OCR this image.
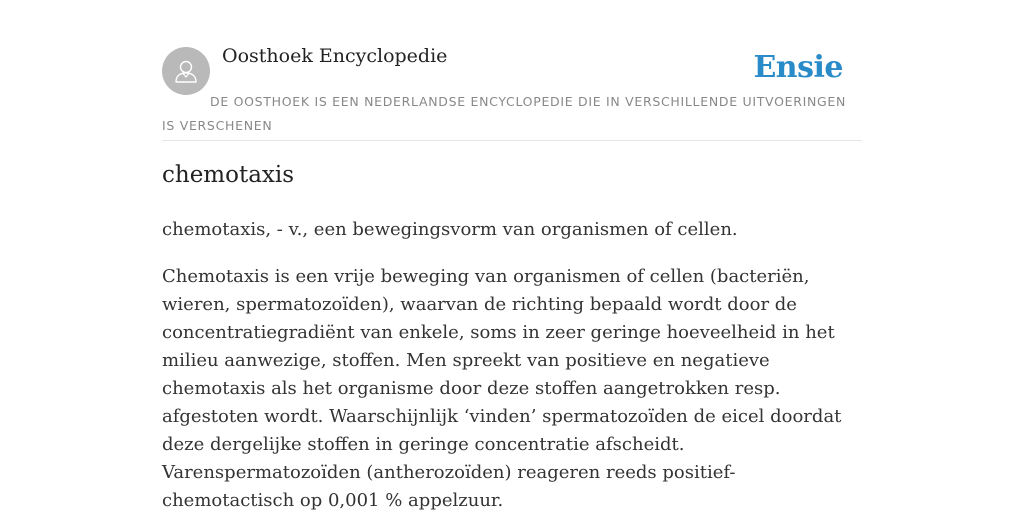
Oosthoek Encyclopedie	Ensie
DE OOSTHOEK IS EEN NEDERLANDSE ENCYCLOPEDIE DIE IN VERSCHILLENDE UITVOERINGEN IS VERSCHENEN
chemotaxis

chemotaxis, - v., een bewegingsvorm van organismen of cellen.

Chemotaxis is een vrije beweging van organismen of cellen (bacteriën, wieren, spermatozoïden), waarvan de richting bepaald wordt door de concentratiegradiënt van enkele, soms in zeer geringe hoeveelheid in het milieu aanwezige, stoffen. Men spreekt van positieve en negatieve chemotaxis als het organisme door deze stoffen aangetrokken resp. afgestoten wordt. Waarschijnlijk ‘vinden’ spermatozoïden de eicel doordat deze dergelijke stoffen in geringe concentratie afscheidt. Varenspermatozoïden (antherozoïden) reageren reeds positief-chemotactisch op 0,001 % appelzuur.
